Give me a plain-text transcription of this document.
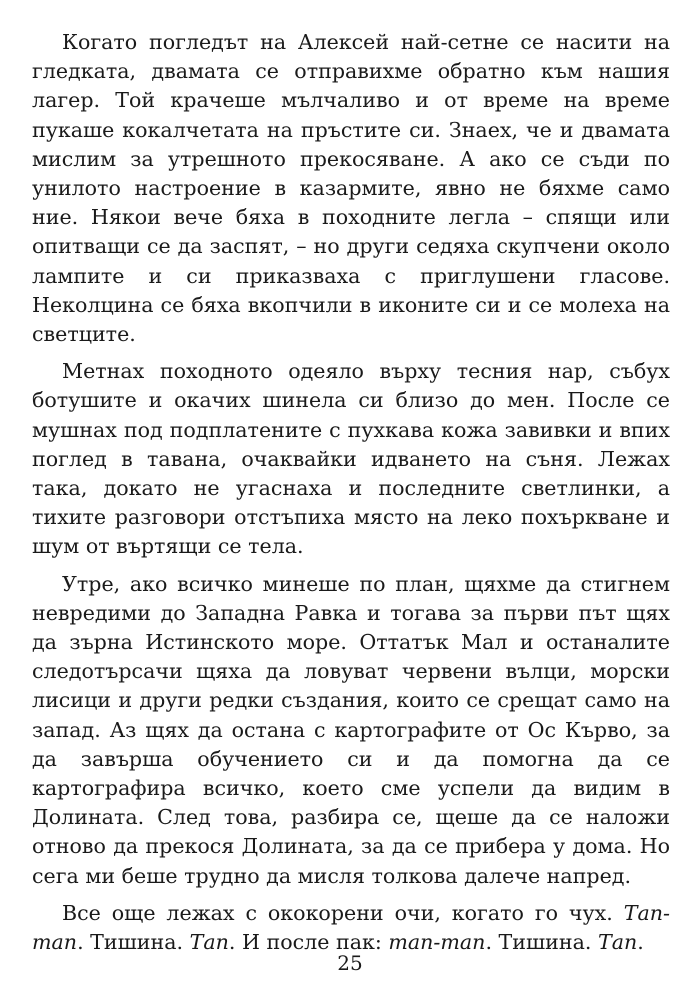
Когато погледът на Алексей най-сетне се насити на гледката, двамата се отправихме обратно към нашия лагер. Той крачеше мълчаливо и от време на време пукаше кокалчетата на пръстите си. Знаех, че и двамата мислим за утрешното прекосяване. А ако се съди по унилото настроение в казармите, явно не бяхме само ние. Някои вече бяха в походните легла – спящи или опитващи се да заспят, – но други седяха скупчени около лампите и си приказваха с приглушени гласове. Неколцина се бяха вкопчили в иконите си и се молеха на светците.

Метнах походното одеяло върху тесния нар, събух ботушите и окачих шинела си близо до мен. После се мушнах под подплатените с пухкава кожа завивки и впих поглед в тавана, очаквайки идването на съня. Лежах така, докато не угаснаха и последните светлинки, а тихите разговори отстъпиха място на леко похъркване и шум от въртящи се тела.

Утре, ако всичко минеше по план, щяхме да стигнем невредими до Западна Равка и тогава за първи път щях да зърна Истинското море. Оттатък Мал и останалите следотърсачи щяха да ловуват червени вълци, морски лисици и други редки създания, които се срещат само на запад. Аз щях да остана с картографите от Ос Кърво, за да завърша обучението си и да помогна да се картографира всичко, което сме успели да видим в Долината. След това, разбира се, щеше да се наложи отново да прекося Долината, за да се прибера у дома. Но сега ми беше трудно да мисля толкова далече напред.

Все още лежах с ококорени очи, когато го чух. Тап-тап. Тишина. Тап. И после пак: тап-тап. Тишина. Тап.

25
